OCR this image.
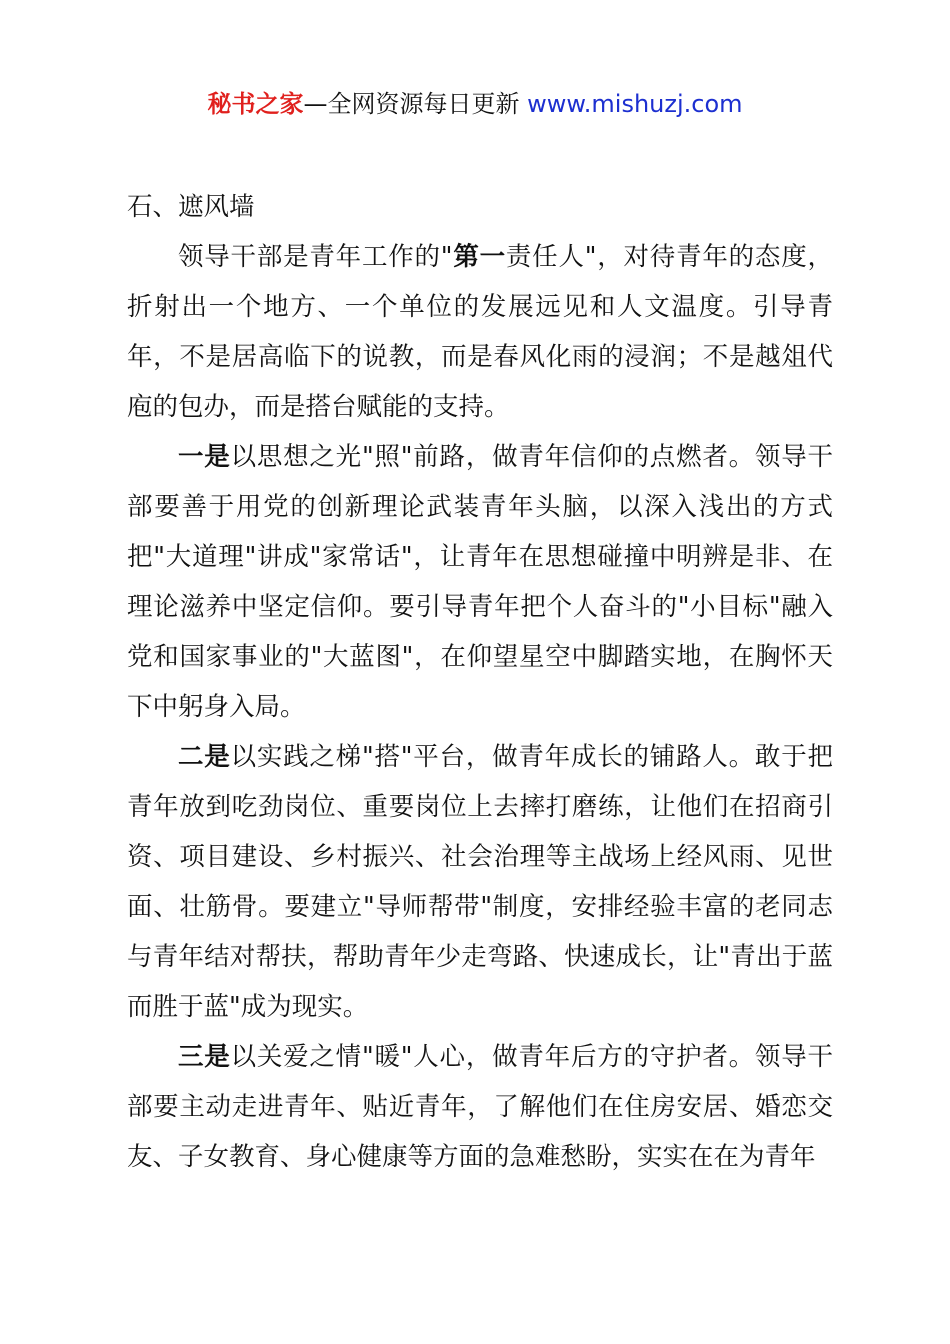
秘书之家—全网资源每日更新 www.mishuzj.com

石、遮风墙

领导干部是青年工作的"第一责任人"，对待青年的态度，折射出一个地方、一个单位的发展远见和人文温度。引导青年，不是居高临下的说教，而是春风化雨的浸润；不是越俎代庖的包办，而是搭台赋能的支持。

一是以思想之光"照"前路，做青年信仰的点燃者。领导干部要善于用党的创新理论武装青年头脑，以深入浅出的方式把"大道理"讲成"家常话"，让青年在思想碰撞中明辨是非、在理论滋养中坚定信仰。要引导青年把个人奋斗的"小目标"融入党和国家事业的"大蓝图"，在仰望星空中脚踏实地，在胸怀天下中躬身入局。

二是以实践之梯"搭"平台，做青年成长的铺路人。敢于把青年放到吃劲岗位、重要岗位上去摔打磨练，让他们在招商引资、项目建设、乡村振兴、社会治理等主战场上经风雨、见世面、壮筋骨。要建立"导师帮带"制度，安排经验丰富的老同志与青年结对帮扶，帮助青年少走弯路、快速成长，让"青出于蓝而胜于蓝"成为现实。

三是以关爱之情"暖"人心，做青年后方的守护者。领导干部要主动走进青年、贴近青年，了解他们在住房安居、婚恋交友、子女教育、身心健康等方面的急难愁盼，实实在在为青年
